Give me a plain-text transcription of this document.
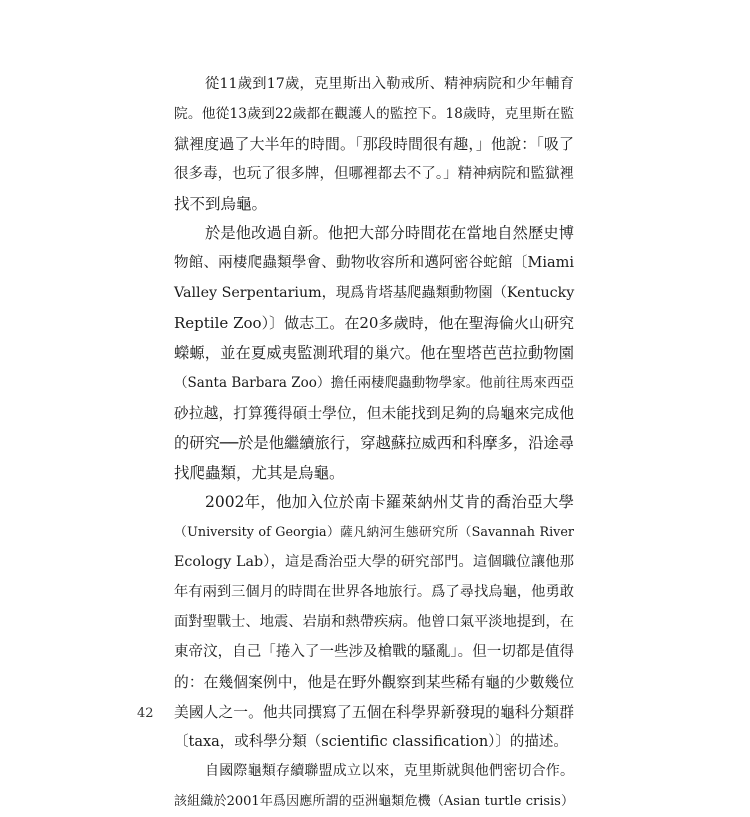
從11歲到17歲，克里斯出入勒戒所、精神病院和少年輔育
院。他從13歲到22歲都在觀護人的監控下。18歲時，克里斯在監
獄裡度過了大半年的時間。「那段時間很有趣，」他說：「吸了
很多毒，也玩了很多牌，但哪裡都去不了。」精神病院和監獄裡
找不到烏龜。
於是他改過自新。他把大部分時間花在當地自然歷史博
物館、兩棲爬蟲類學會、動物收容所和邁阿密谷蛇館〔Miami
Valley Serpentarium，現爲肯塔基爬蟲類動物園（Kentucky
Reptile Zoo）〕做志工。在20多歲時，他在聖海倫火山研究
蠑螈，並在夏威夷監測玳瑁的巢穴。他在聖塔芭芭拉動物園
（Santa Barbara Zoo）擔任兩棲爬蟲動物學家。他前往馬來西亞
砂拉越，打算獲得碩士學位，但未能找到足夠的烏龜來完成他
的研究──於是他繼續旅行，穿越蘇拉威西和科摩多，沿途尋
找爬蟲類，尤其是烏龜。
2002年，他加入位於南卡羅萊納州艾肯的喬治亞大學
（University of Georgia）薩凡納河生態研究所（Savannah River
Ecology Lab），這是喬治亞大學的研究部門。這個職位讓他那
年有兩到三個月的時間在世界各地旅行。爲了尋找烏龜，他勇敢
面對聖戰士、地震、岩崩和熱帶疾病。他曾口氣平淡地提到，在
東帝汶，自己「捲入了一些涉及槍戰的騷亂」。但一切都是值得
的：在幾個案例中，他是在野外觀察到某些稀有龜的少數幾位
美國人之一。他共同撰寫了五個在科學界新發現的龜科分類群
〔taxa，或科學分類（scientific classification）〕的描述。
自國際龜類存續聯盟成立以來，克里斯就與他們密切合作。
該組織於2001年爲因應所謂的亞洲龜類危機（Asian turtle crisis）
42
